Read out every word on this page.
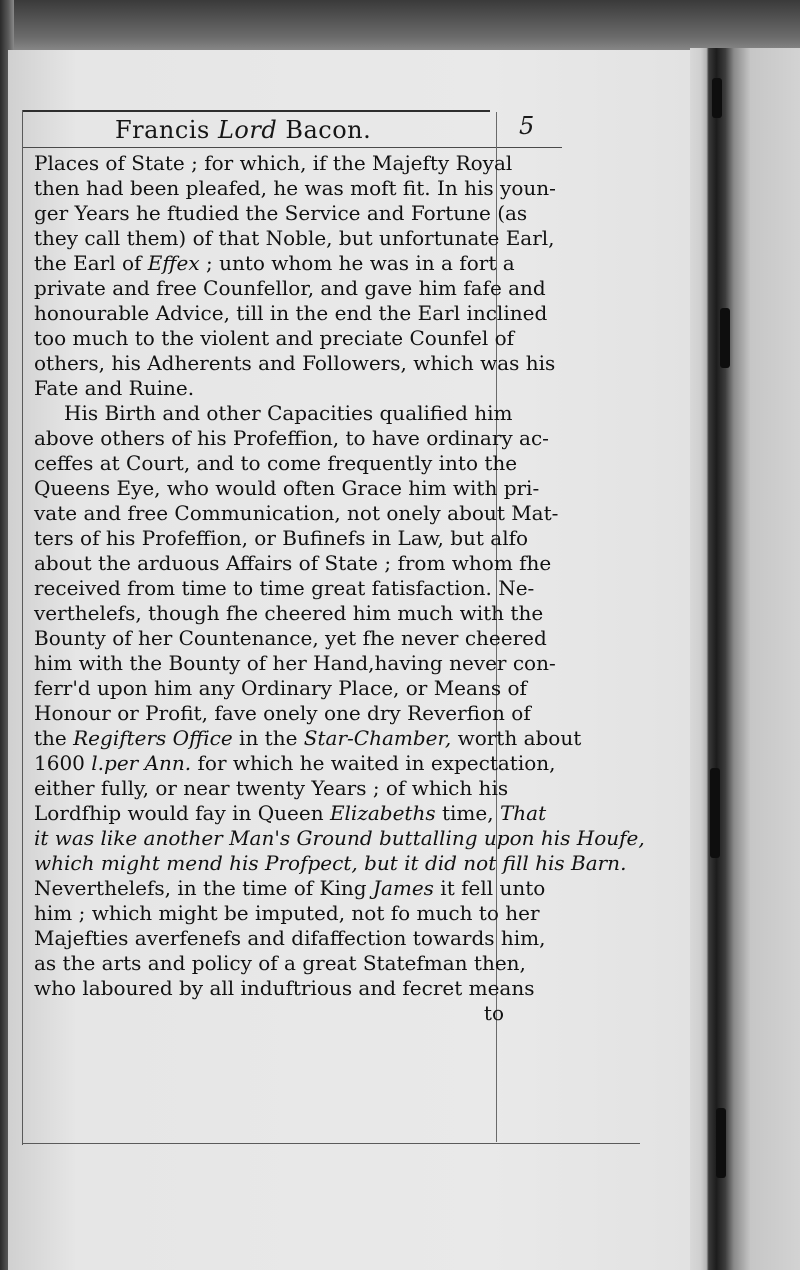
Francis Lord Bacon.	5
Places of State ; for which, if the Majefty Royal
then had been pleafed, he was moft fit. In his youn-
ger Years he ftudied the Service and Fortune (as
they call them) of that Noble, but unfortunate Earl,
the Earl of Effex ; unto whom he was in a fort a
private and free Counfellor, and gave him fafe and
honourable Advice, till in the end the Earl inclined
too much to the violent and preciate Counfel of
others, his Adherents and Followers, which was his
Fate and Ruine.
His Birth and other Capacities qualified him
above others of his Profeffion, to have ordinary ac-
ceffes at Court, and to come frequently into the
Queens Eye, who would often Grace him with pri-
vate and free Communication, not onely about Mat-
ters of his Profeffion, or Bufinefs in Law, but alfo
about the arduous Affairs of State ; from whom fhe
received from time to time great fatisfaction. Ne-
verthelefs, though fhe cheered him much with the
Bounty of her Countenance, yet fhe never cheered
him with the Bounty of her Hand,having never con-
ferr'd upon him any Ordinary Place, or Means of
Honour or Profit, fave onely one dry Reverfion of
the Regifters Office in the Star-Chamber, worth about
1600 l.per Ann. for which he waited in expectation,
either fully, or near twenty Years ; of which his
Lordfhip would fay in Queen Elizabeths time, That
it was like another Man's Ground buttalling upon his Houfe,
which might mend his Profpect, but it did not fill his Barn.
Neverthelefs, in the time of King James it fell unto
him ; which might be imputed, not fo much to her
Majefties averfenefs and difaffection towards him,
as the arts and policy of a great Statefman then,
who laboured by all induftrious and fecret means
to
